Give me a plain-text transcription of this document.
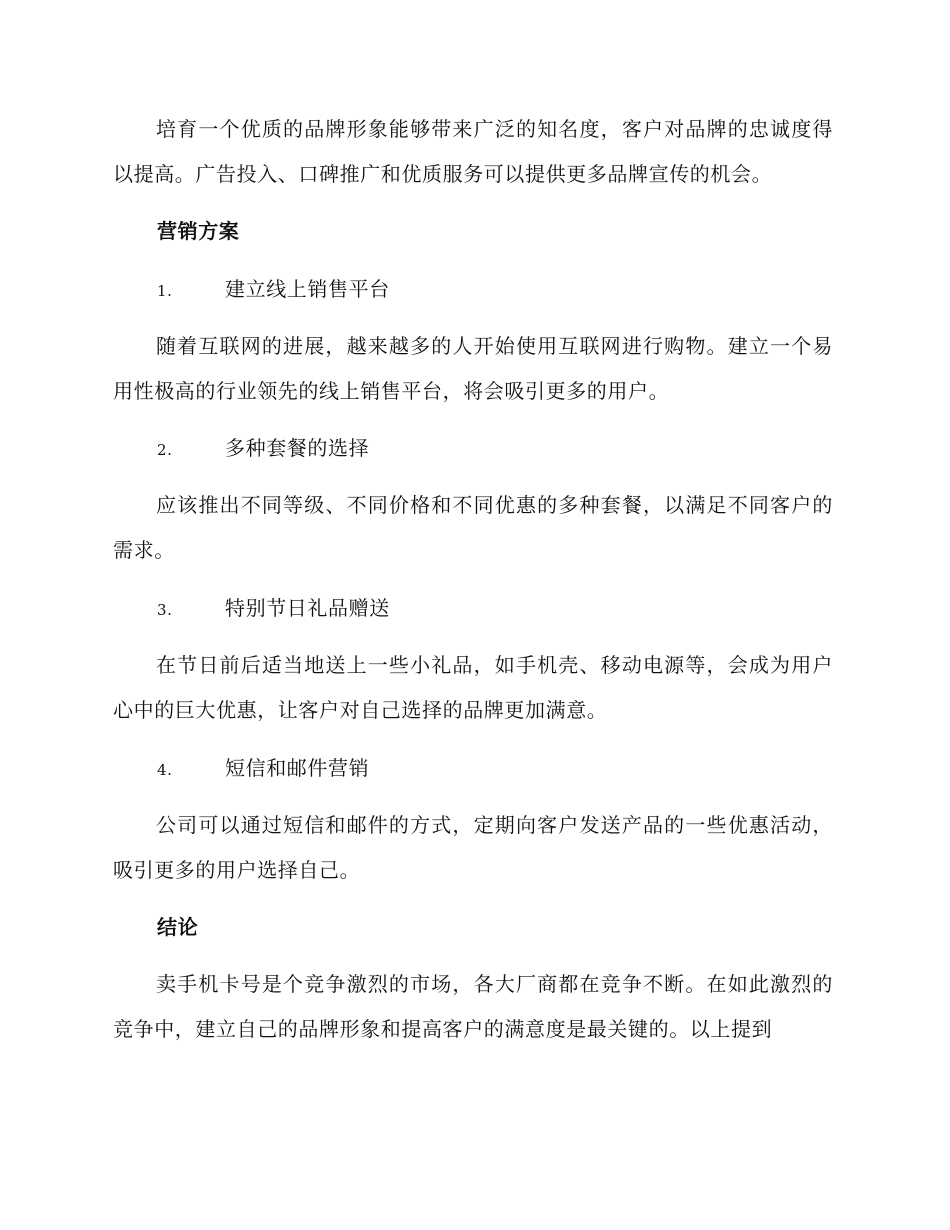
培育一个优质的品牌形象能够带来广泛的知名度，客户对品牌的忠诚度得以提高。广告投入、口碑推广和优质服务可以提供更多品牌宣传的机会。

营销方案
1.	建立线上销售平台

随着互联网的进展，越来越多的人开始使用互联网进行购物。建立一个易用性极高的行业领先的线上销售平台，将会吸引更多的用户。

2.	多种套餐的选择

应该推出不同等级、不同价格和不同优惠的多种套餐，以满足不同客户的需求。

3.	特别节日礼品赠送

在节日前后适当地送上一些小礼品，如手机壳、移动电源等，会成为用户心中的巨大优惠，让客户对自己选择的品牌更加满意。

4.	短信和邮件营销

公司可以通过短信和邮件的方式，定期向客户发送产品的一些优惠活动，吸引更多的用户选择自己。

结论

卖手机卡号是个竞争激烈的市场，各大厂商都在竞争不断。在如此激烈的竞争中，建立自己的品牌形象和提高客户的满意度是最关键的。以上提到
